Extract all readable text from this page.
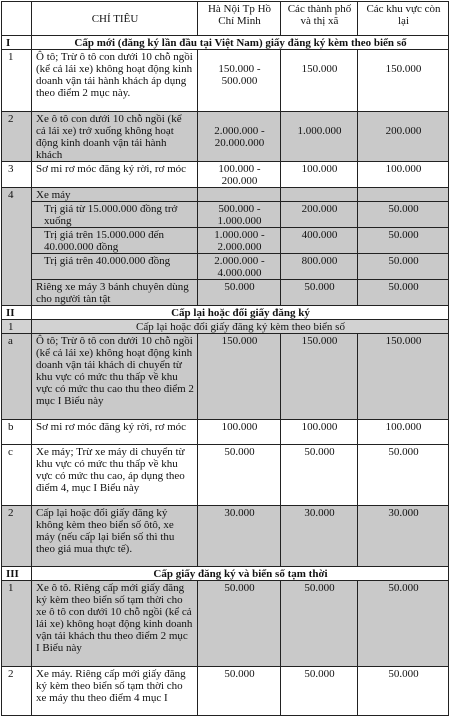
	CHỈ TIÊU	Hà Nội Tp Hồ Chí Minh	Các thành phố và thị xã	Các khu vực còn lại
I	Cấp mới (đăng ký lần đầu tại Việt Nam) giấy đăng ký kèm theo biển số			
1	Ô tô; Trừ ô tô con dưới 10 chỗ ngồi (kể cả lái xe) không hoạt động kinh doanh vận tải hành khách áp dụng theo điểm 2 mục này.	150.000 - 500.000	150.000	150.000
2	Xe ô tô con dưới 10 chỗ ngồi (kể cả lái xe) trở xuống không hoạt động kinh doanh vận tải hành khách	2.000.000 - 20.000.000	1.000.000	200.000
3	Sơ mi rơ móc đăng ký rời, rơ móc	100.000 - 200.000	100.000	100.000
4	Xe máy			
	Trị giá từ 15.000.000 đồng trở xuống	500.000 - 1.000.000	200.000	50.000
	Trị giá trên 15.000.000 đến 40.000.000 đồng	1.000.000 - 2.000.000	400.000	50.000
	Trị giá trên 40.000.000 đồng	2.000.000 - 4.000.000	800.000	50.000
	Riêng xe máy 3 bánh chuyên dùng cho người tàn tật	50.000	50.000	50.000
II	Cấp lại hoặc đổi giấy đăng ký			
1	Cấp lại hoặc đổi giấy đăng ký kèm theo biển số			
a	Ô tô; Trừ ô tô con dưới 10 chỗ ngồi (kể cả lái xe) không hoạt động kinh doanh vận tải khách di chuyển từ khu vực có mức thu thấp về khu vực có mức thu cao thu theo điểm 2 mục I Biểu này	150.000	150.000	150.000
b	Sơ mi rơ móc đăng ký rời, rơ móc	100.000	100.000	100.000
c	Xe máy; Trừ xe máy di chuyển từ khu vực có mức thu thấp về khu vực có mức thu cao, áp dụng theo điểm 4, mục I Biểu này	50.000	50.000	50.000
2	Cấp lại hoặc đổi giấy đăng ký không kèm theo biển số ôtô, xe máy (nếu cấp lại biển số thì thu theo giá mua thực tế).	30.000	30.000	30.000
III	Cấp giấy đăng ký và biển số tạm thời			
1	Xe ô tô. Riêng cấp mới giấy đăng ký kèm theo biển số tạm thời cho xe ô tô con dưới 10 chỗ ngồi (kể cả lái xe) không hoạt động kinh doanh vận tải khách thu theo điểm 2 mục I Biểu này	50.000	50.000	50.000
2	Xe máy. Riêng cấp mới giấy đăng ký kèm theo biển số tạm thời cho xe máy thu theo điểm 4 mục I	50.000	50.000	50.000
